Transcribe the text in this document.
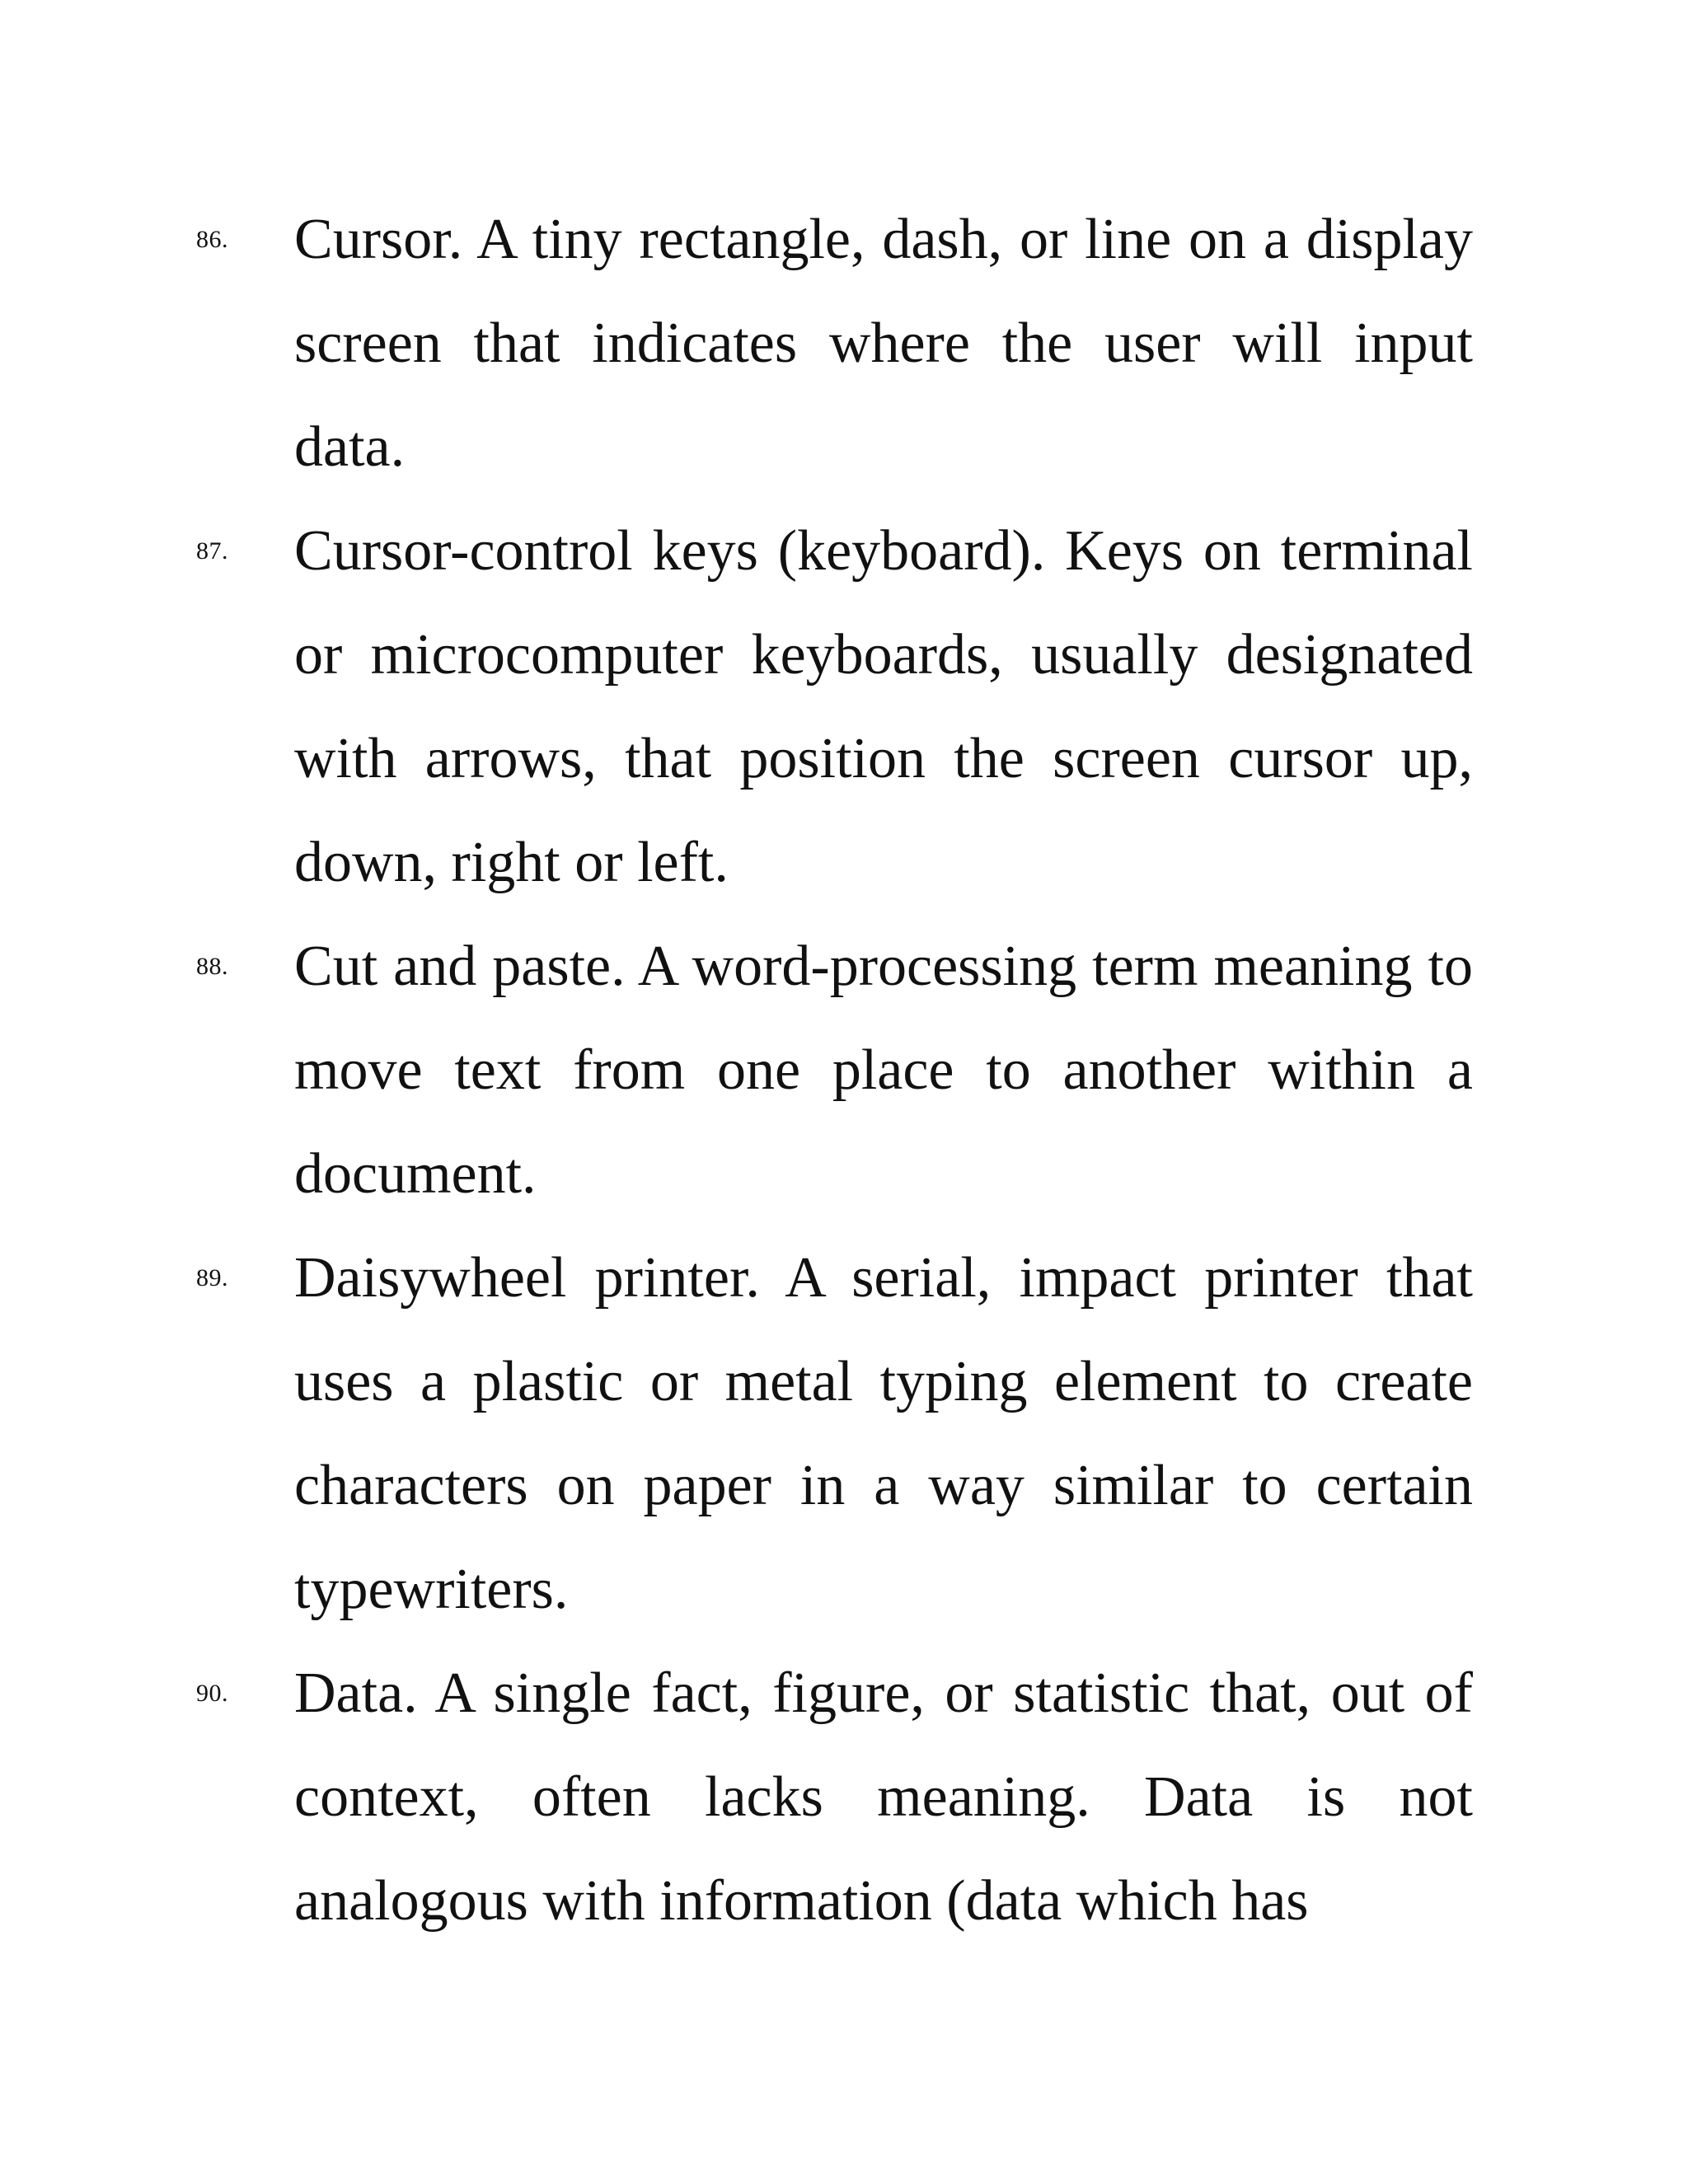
86. Cursor. A tiny rectangle, dash, or line on a display screen that indicates where the user will input data.
87. Cursor-control keys (keyboard). Keys on terminal or microcomputer keyboards, usually designated with arrows, that position the screen cursor up, down, right or left.
88. Cut and paste. A word-processing term meaning to move text from one place to another within a document.
89. Daisywheel printer. A serial, impact printer that uses a plastic or metal typing element to create characters on paper in a way similar to certain typewriters.
90. Data. A single fact, figure, or statistic that, out of context, often lacks meaning. Data is not analogous with information (data which has
